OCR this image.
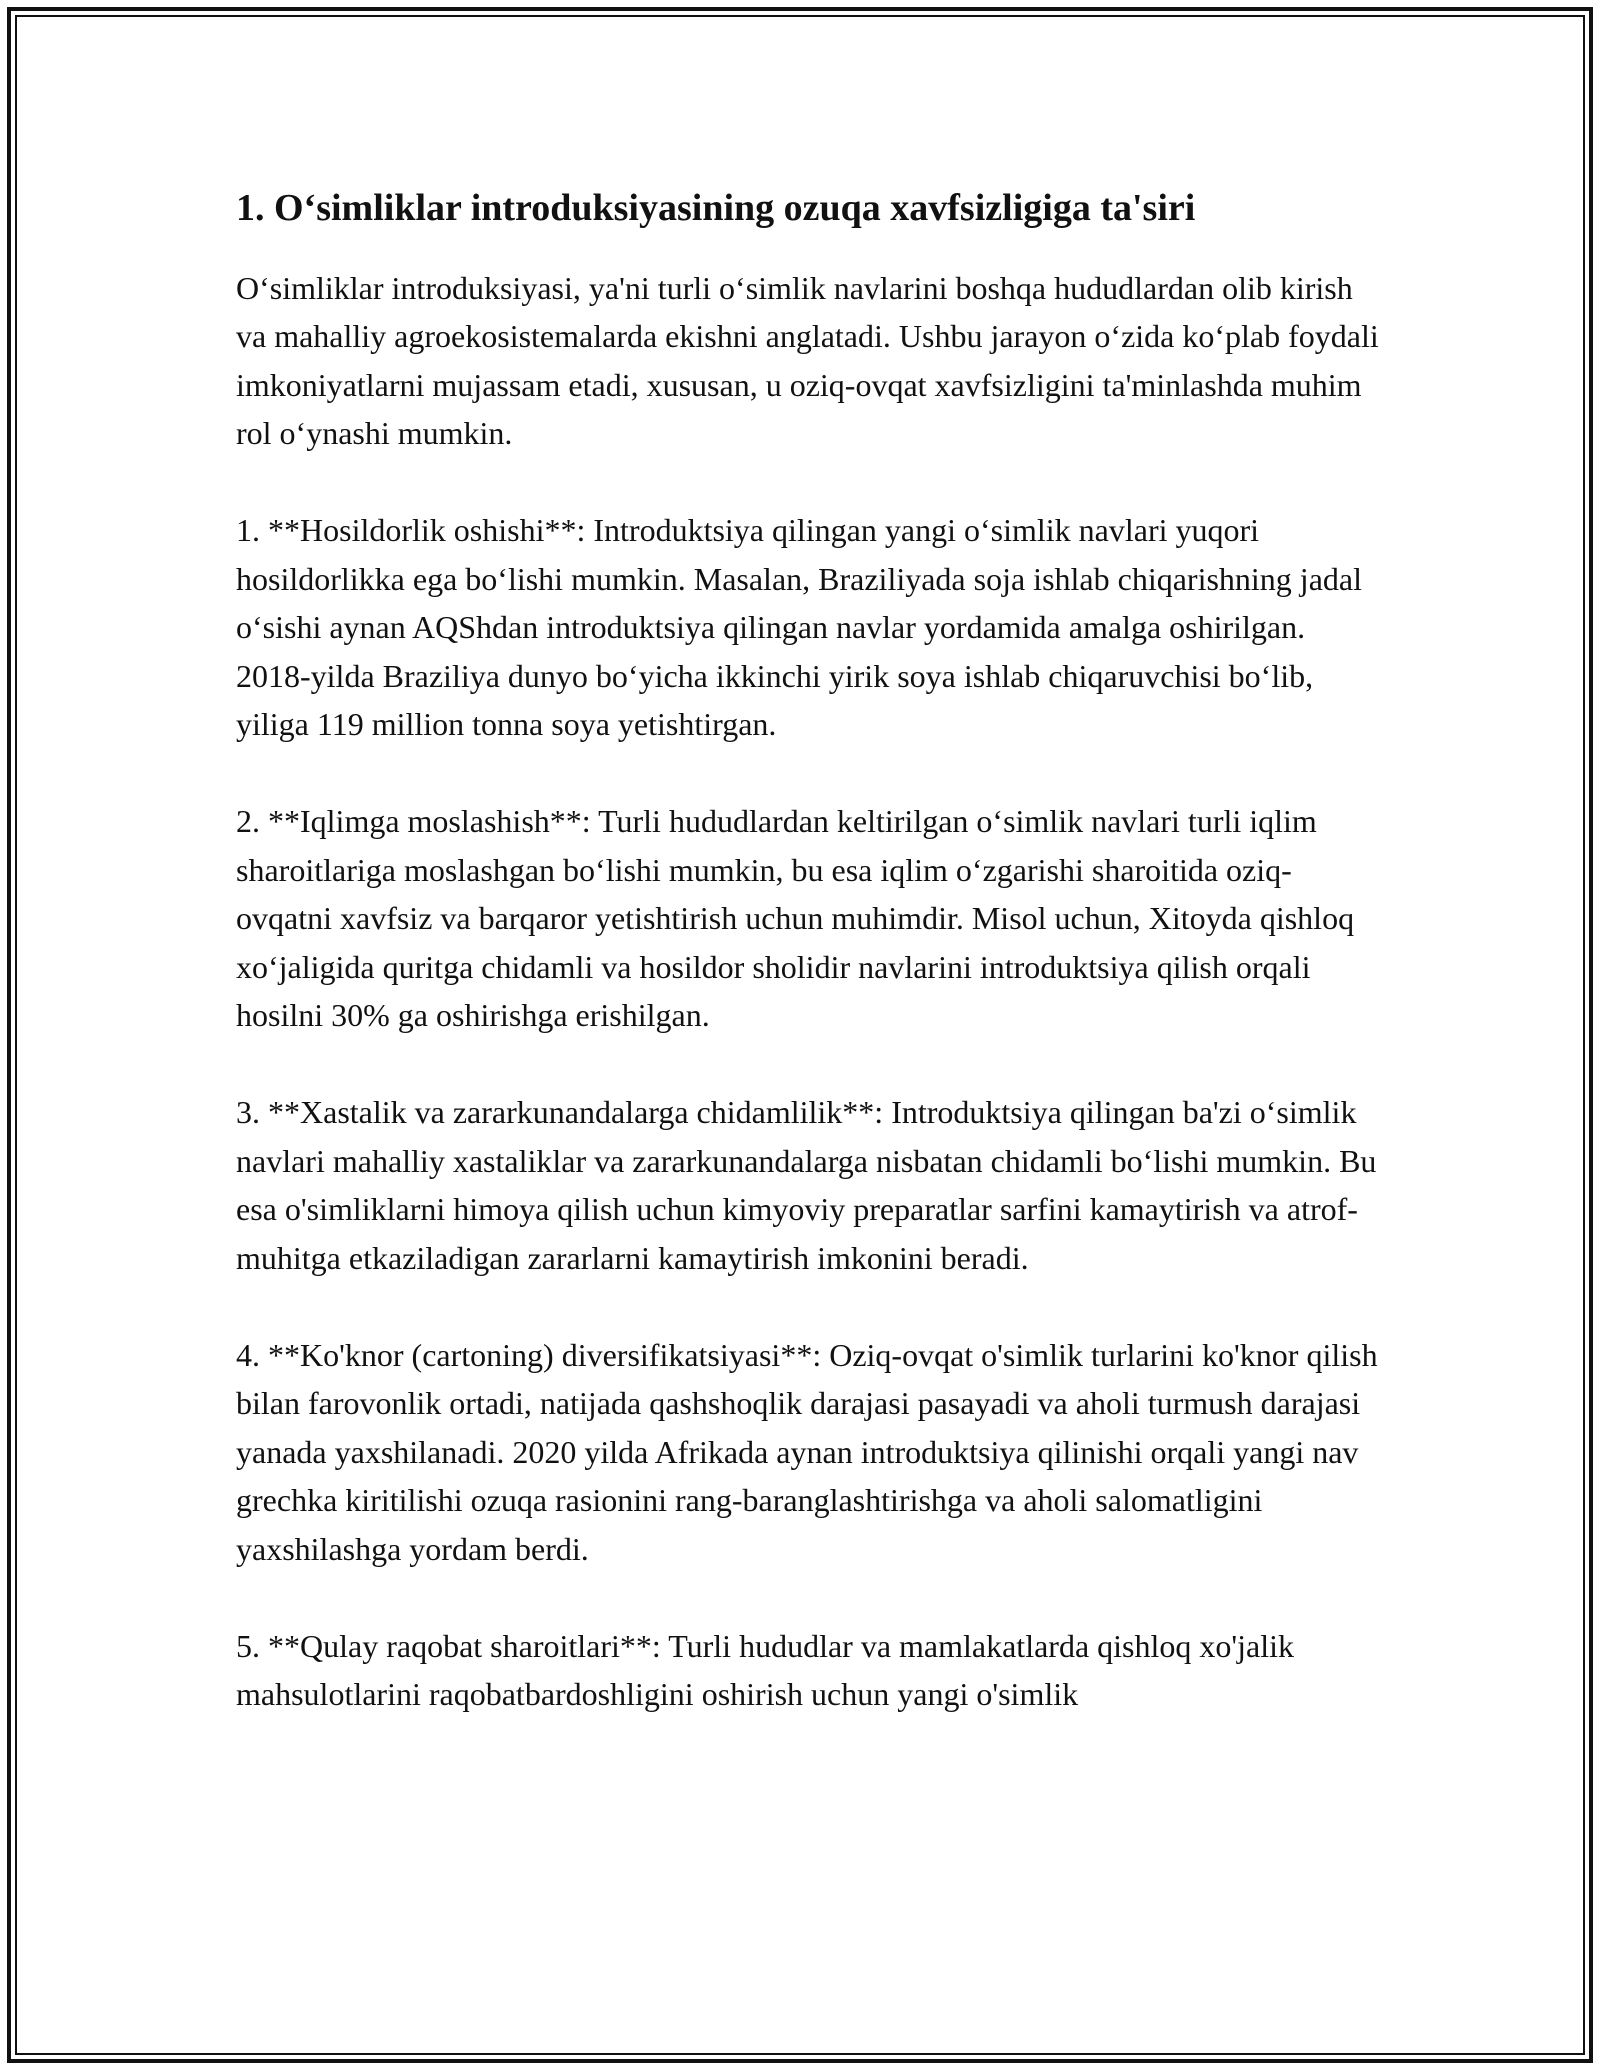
1. O‘simliklar introduksiyasining ozuqa xavfsizligiga ta'siri

O‘simliklar introduksiyasi, ya'ni turli o‘simlik navlarini boshqa hududlardan olib kirish va mahalliy agroekosistemalarda ekishni anglatadi. Ushbu jarayon o‘zida ko‘plab foydali imkoniyatlarni mujassam etadi, xususan, u oziq-ovqat xavfsizligini ta'minlashda muhim rol o‘ynashi mumkin.

1. **Hosildorlik oshishi**: Introduktsiya qilingan yangi o‘simlik navlari yuqori hosildorlikka ega bo‘lishi mumkin. Masalan, Braziliyada soja ishlab chiqarishning jadal o‘sishi aynan AQShdan introduktsiya qilingan navlar yordamida amalga oshirilgan. 2018-yilda Braziliya dunyo bo‘yicha ikkinchi yirik soya ishlab chiqaruvchisi bo‘lib, yiliga 119 million tonna soya yetishtirgan.

2. **Iqlimga moslashish**: Turli hududlardan keltirilgan o‘simlik navlari turli iqlim sharoitlariga moslashgan bo‘lishi mumkin, bu esa iqlim o‘zgarishi sharoitida oziq-ovqatni xavfsiz va barqaror yetishtirish uchun muhimdir. Misol uchun, Xitoyda qishloq xo‘jaligida quritga chidamli va hosildor sholidir navlarini introduktsiya qilish orqali hosilni 30% ga oshirishga erishilgan.

3. **Xastalik va zararkunandalarga chidamlilik**: Introduktsiya qilingan ba'zi o‘simlik navlari mahalliy xastaliklar va zararkunandalarga nisbatan chidamli bo‘lishi mumkin. Bu esa o'simliklarni himoya qilish uchun kimyoviy preparatlar sarfini kamaytirish va atrof-muhitga etkaziladigan zararlarni kamaytirish imkonini beradi.

4. **Ko'knor (cartoning) diversifikatsiyasi**: Oziq-ovqat o'simlik turlarini ko'knor qilish bilan farovonlik ortadi, natijada qashshoqlik darajasi pasayadi va aholi turmush darajasi yanada yaxshilanadi. 2020 yilda Afrikada aynan introduktsiya qilinishi orqali yangi nav grechka kiritilishi ozuqa rasionini rang-baranglashtirishga va aholi salomatligini yaxshilashga yordam berdi.

5. **Qulay raqobat sharoitlari**: Turli hududlar va mamlakatlarda qishloq xo'jalik mahsulotlarini raqobatbardoshligini oshirish uchun yangi o'simlik
